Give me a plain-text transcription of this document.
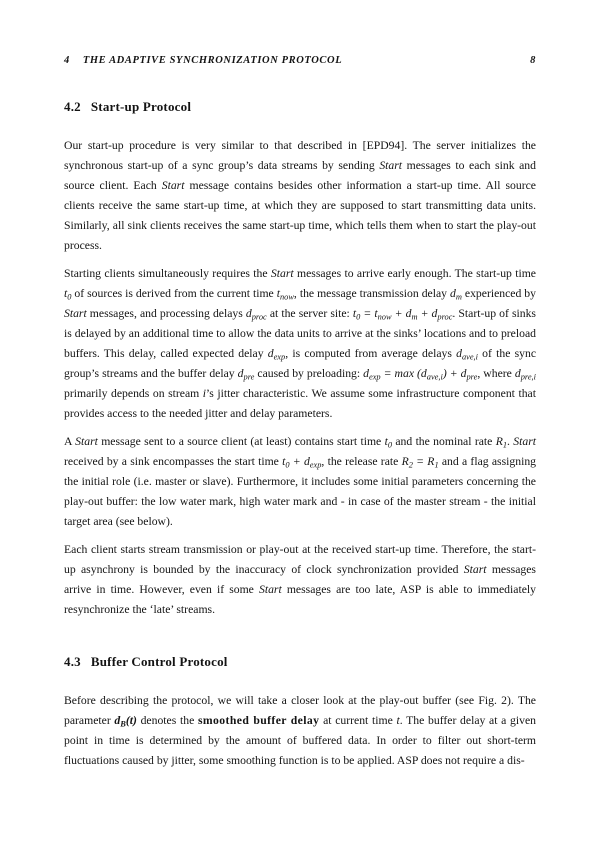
4 THE ADAPTIVE SYNCHRONIZATION PROTOCOL	8
4.2 Start-up Protocol

Our start-up procedure is very similar to that described in [EPD94]. The server initializes the synchronous start-up of a sync group’s data streams by sending Start messages to each sink and source client. Each Start message contains besides other information a start-up time. All source clients receive the same start-up time, at which they are supposed to start transmitting data units. Similarly, all sink clients receives the same start-up time, which tells them when to start the play-out process.

Starting clients simultaneously requires the Start messages to arrive early enough. The start-up time $t_0$ of sources is derived from the current time $t_{now}$, the message transmission delay $d_m$ experienced by Start messages, and processing delays $d_{proc}$ at the server site: $t_0 = t_{now} + d_m + d_{proc}$. Start-up of sinks is delayed by an additional time to allow the data units to arrive at the sinks’ locations and to preload buffers. This delay, called expected delay $d_{exp}$, is computed from average delays $d_{ave,i}$ of the sync group’s streams and the buffer delay $d_{pre}$ caused by preloading: $d_{exp} = \max (d_{ave,i}) + d_{pre}$, where $d_{pre,i}$ primarily depends on stream i’s jitter characteristic. We assume some infrastructure component that provides access to the needed jitter and delay parameters.

A Start message sent to a source client (at least) contains start time $t_0$ and the nominal rate $R_1$. Start received by a sink encompasses the start time $t_0 + d_{exp}$, the release rate $R_2 = R_1$ and a flag assigning the initial role (i.e. master or slave). Furthermore, it includes some initial parameters concerning the play-out buffer: the low water mark, high water mark and - in case of the master stream - the initial target area (see below).

Each client starts stream transmission or play-out at the received start-up time. Therefore, the start-up asynchrony is bounded by the inaccuracy of clock synchronization provided Start messages arrive in time. However, even if some Start messages are too late, ASP is able to immediately resynchronize the ‘late’ streams.

4.3 Buffer Control Protocol

Before describing the protocol, we will take a closer look at the play-out buffer (see Fig. 2). The parameter $d_B(t)$ denotes the smoothed buffer delay at current time t. The buffer delay at a given point in time is determined by the amount of buffered data. In order to filter out short-term fluctuations caused by jitter, some smoothing function is to be applied. ASP does not require a dis-
